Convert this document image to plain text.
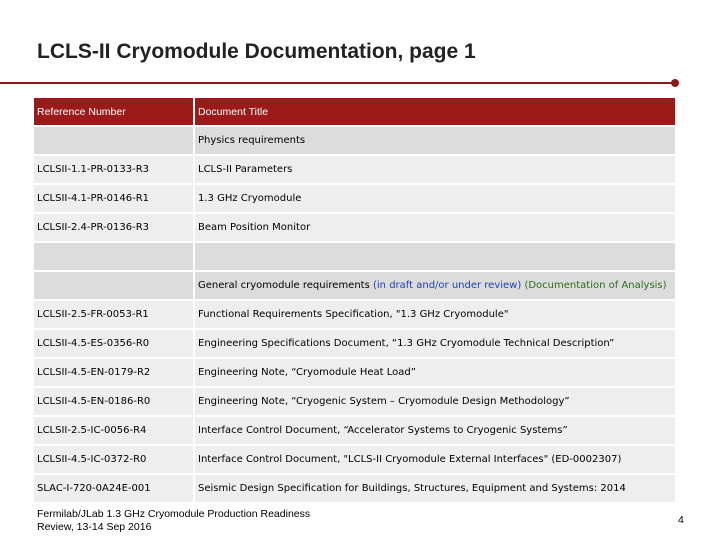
LCLS-II Cryomodule Documentation, page 1
Reference Number	Document Title
	Physics requirements
LCLSII-1.1-PR-0133-R3	LCLS-II Parameters
LCLSII-4.1-PR-0146-R1	1.3 GHz Cryomodule
LCLSII-2.4-PR-0136-R3	Beam Position Monitor

	General cryomodule requirements (in draft and/or under review) (Documentation of Analysis)
LCLSII-2.5-FR-0053-R1	Functional Requirements Specification, "1.3 GHz Cryomodule"
LCLSII-4.5-ES-0356-R0	Engineering Specifications Document, “1.3 GHz Cryomodule Technical Description”
LCLSII-4.5-EN-0179-R2	Engineering Note, “Cryomodule Heat Load”
LCLSII-4.5-EN-0186-R0	Engineering Note, “Cryogenic System – Cryomodule Design Methodology”
LCLSII-2.5-IC-0056-R4	Interface Control Document, “Accelerator Systems to Cryogenic Systems”
LCLSII-4.5-IC-0372-R0	Interface Control Document, "LCLS-II Cryomodule External Interfaces" (ED-0002307)
SLAC-I-720-0A24E-001	Seismic Design Specification for Buildings, Structures, Equipment and Systems: 2014
Fermilab/JLab 1.3 GHz Cryomodule Production Readiness
Review, 13-14 Sep 2016
4
